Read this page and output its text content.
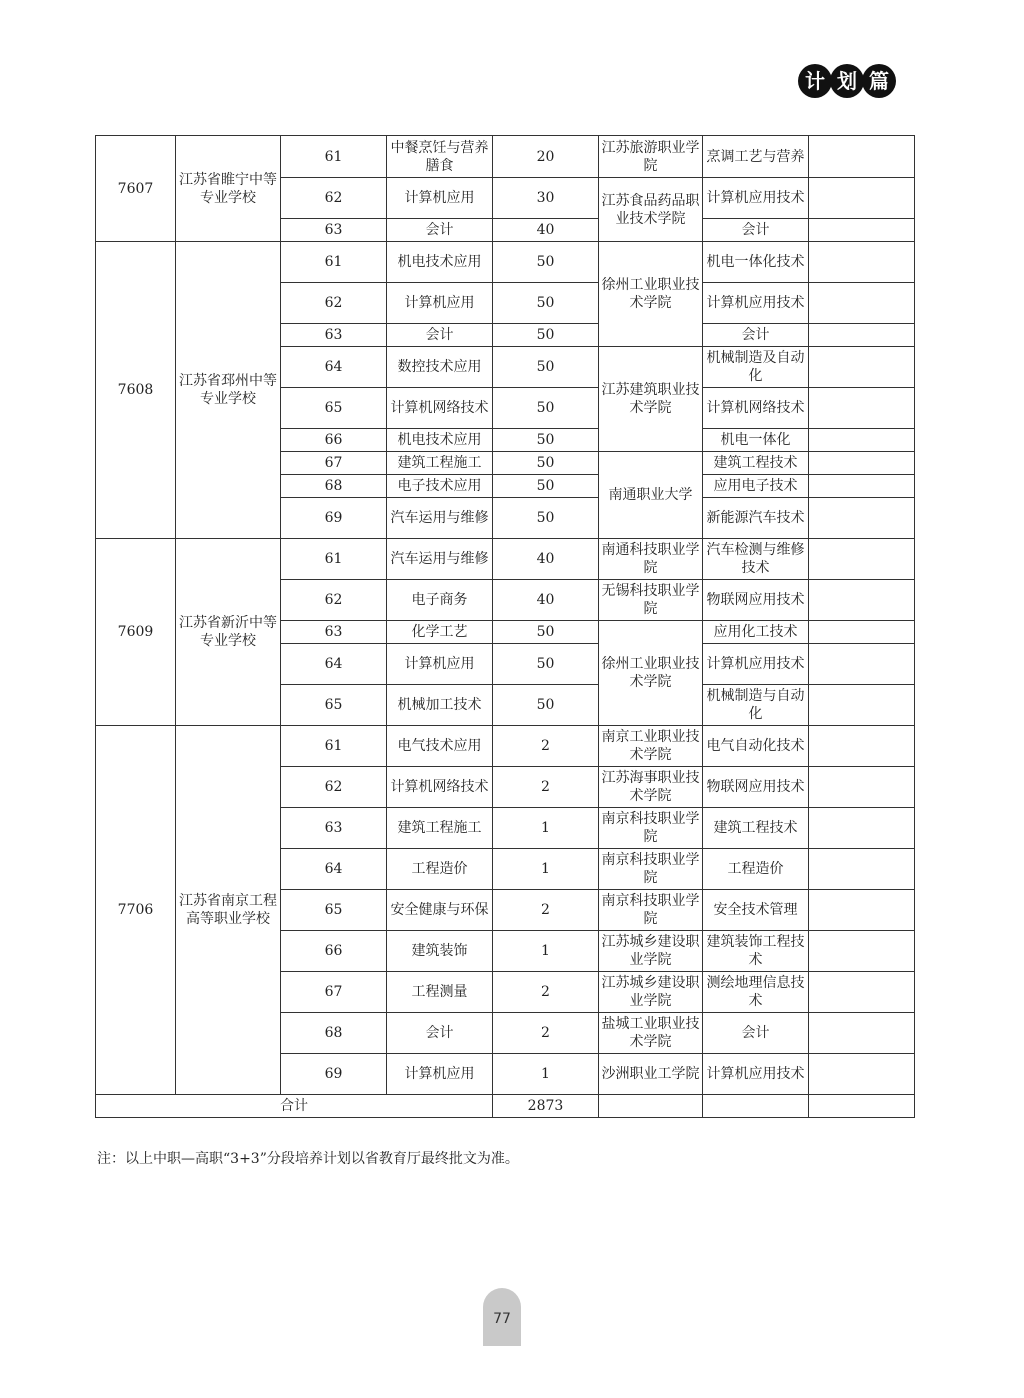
计 划 篇
7607	江苏省睢宁中等专业学校	61	中餐烹饪与营养膳食	20	江苏旅游职业学院	烹调工艺与营养	
		62	计算机应用	30	江苏食品药品职业技术学院	计算机应用技术	
		63	会计	40		会计	
7608	江苏省邳州中等专业学校	61	机电技术应用	50	徐州工业职业技术学院	机电一体化技术	
		62	计算机应用	50		计算机应用技术	
		63	会计	50		会计	
		64	数控技术应用	50	江苏建筑职业技术学院	机械制造及自动化	
		65	计算机网络技术	50		计算机网络技术	
		66	机电技术应用	50		机电一体化	
		67	建筑工程施工	50	南通职业大学	建筑工程技术	
		68	电子技术应用	50		应用电子技术	
		69	汽车运用与维修	50		新能源汽车技术	
7609	江苏省新沂中等专业学校	61	汽车运用与维修	40	南通科技职业学院	汽车检测与维修技术	
		62	电子商务	40	无锡科技职业学院	物联网应用技术	
		63	化学工艺	50	徐州工业职业技术学院	应用化工技术	
		64	计算机应用	50		计算机应用技术	
		65	机械加工技术	50		机械制造与自动化	
7706	江苏省南京工程高等职业学校	61	电气技术应用	2	南京工业职业技术学院	电气自动化技术	
		62	计算机网络技术	2	江苏海事职业技术学院	物联网应用技术	
		63	建筑工程施工	1	南京科技职业学院	建筑工程技术	
		64	工程造价	1	南京科技职业学院	工程造价	
		65	安全健康与环保	2	南京科技职业学院	安全技术管理	
		66	建筑装饰	1	江苏城乡建设职业学院	建筑装饰工程技术	
		67	工程测量	2	江苏城乡建设职业学院	测绘地理信息技术	
		68	会计	2	盐城工业职业技术学院	会计	
		69	计算机应用	1	沙洲职业工学院	计算机应用技术	
合计				2873			
注：以上中职—高职“3+3”分段培养计划以省教育厅最终批文为准。
77
